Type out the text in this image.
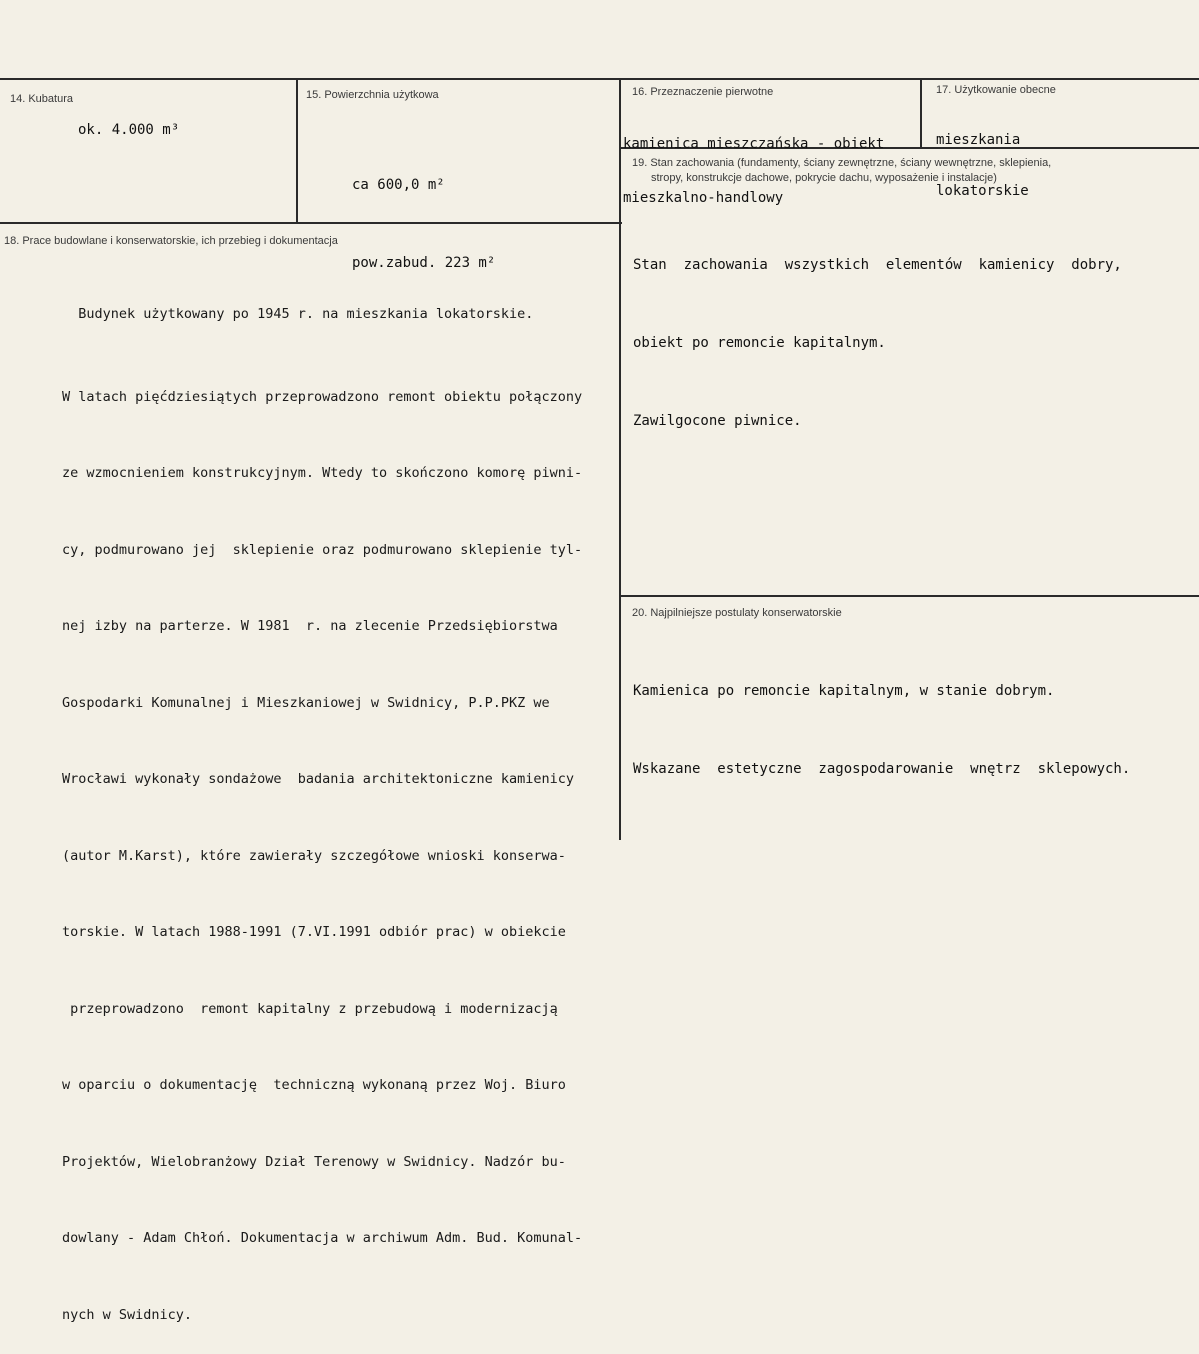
14. Kubatura
ok. 4.000 m³
15. Powierzchnia użytkowa

ca 600,0 m²

pow.zabud. 223 m²

16. Przeznaczenie pierwotne

kamienica mieszczańska - obiekt

mieszkalno-handlowy

17. Użytkowanie obecne

mieszkania

lokatorskie

18. Prace budowlane i konserwatorskie, ich przebieg i dokumentacja

Budynek użytkowany po 1945 r. na mieszkania lokatorskie.

W latach pięćdziesiątych przeprowadzono remont obiektu połączony

ze wzmocnieniem konstrukcyjnym. Wtedy to skończono komorę piwni-

cy, podmurowano jej  sklepienie oraz podmurowano sklepienie tyl-

nej izby na parterze. W 1981  r. na zlecenie Przedsiębiorstwa

Gospodarki Komunalnej i Mieszkaniowej w Swidnicy, P.P.PKZ we

Wrocławi wykonały sondażowe  badania architektoniczne kamienicy

(autor M.Karst), które zawierały szczegółowe wnioski konserwa-

torskie. W latach 1988-1991 (7.VI.1991 odbiór prac) w obiekcie

przeprowadzono  remont kapitalny z przebudową i modernizacją

w oparciu o dokumentację  techniczną wykonaną przez Woj. Biuro

Projektów, Wielobranżowy Dział Terenowy w Swidnicy. Nadzór bu-

dowlany - Adam Chłoń. Dokumentacja w archiwum Adm. Bud. Komunal-

nych w Swidnicy.

19. Stan zachowania (fundamenty, ściany zewnętrzne, ściany wewnętrzne, sklepienia,
stropy, konstrukcje dachowe, pokrycie dachu, wyposażenie i instalacje)

Stan  zachowania  wszystkich  elementów  kamienicy  dobry,

obiekt po remoncie kapitalnym.

Zawilgocone piwnice.

20. Najpilniejsze postulaty konserwatorskie

Kamienica po remoncie kapitalnym, w stanie dobrym.

Wskazane  estetyczne  zagospodarowanie  wnętrz  sklepowych.
